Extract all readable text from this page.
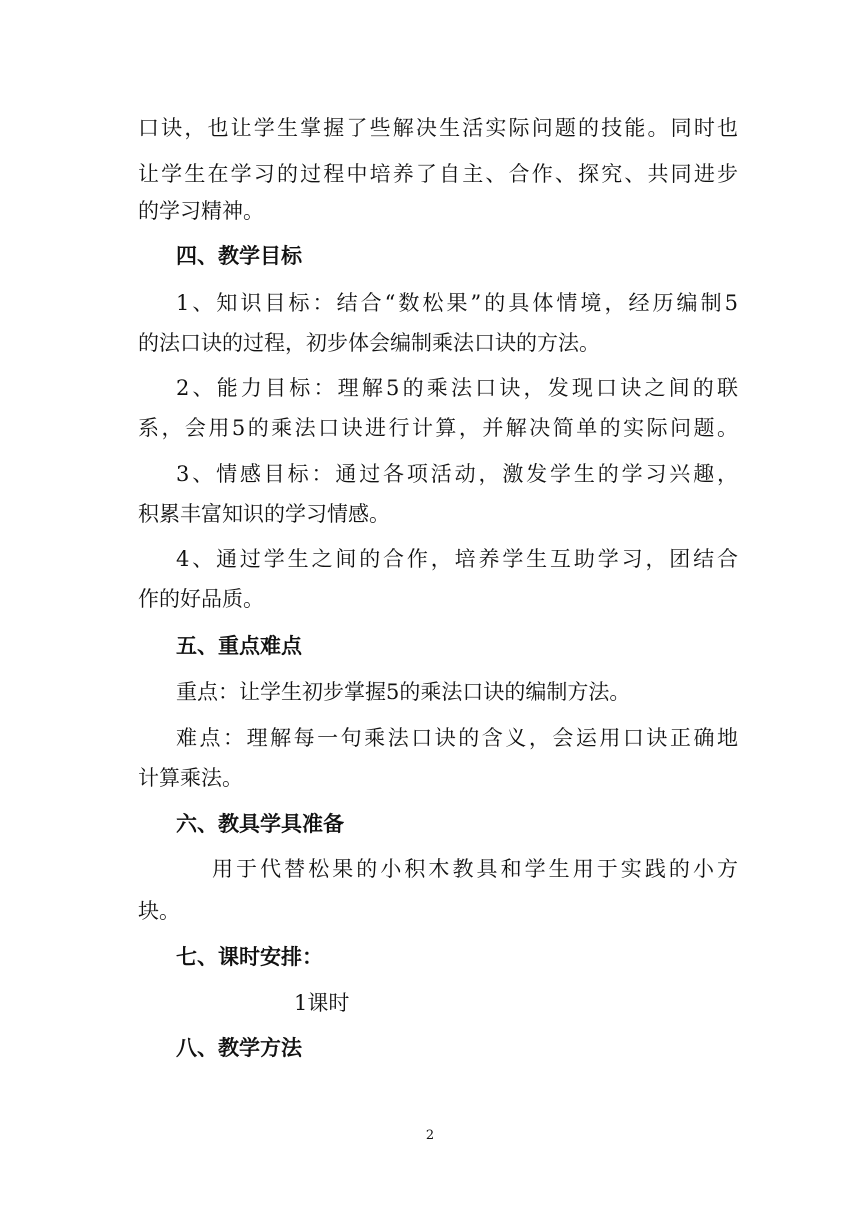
口诀，也让学生掌握了些解决生活实际问题的技能。同时也
让学生在学习的过程中培养了自主、合作、探究、共同进步
的学习精神。
四、教学目标
1、知识目标：结合“数松果”的具体情境，经历编制5
的法口诀的过程，初步体会编制乘法口诀的方法。
2、能力目标：理解5的乘法口诀，发现口诀之间的联
系，会用5的乘法口诀进行计算，并解决简单的实际问题。
3、情感目标：通过各项活动，激发学生的学习兴趣，
积累丰富知识的学习情感。
4、通过学生之间的合作，培养学生互助学习，团结合
作的好品质。
五、重点难点
重点：让学生初步掌握5的乘法口诀的编制方法。
难点：理解每一句乘法口诀的含义，会运用口诀正确地
计算乘法。
六、教具学具准备
用于代替松果的小积木教具和学生用于实践的小方
块。
七、课时安排：
1课时
八、教学方法
2
